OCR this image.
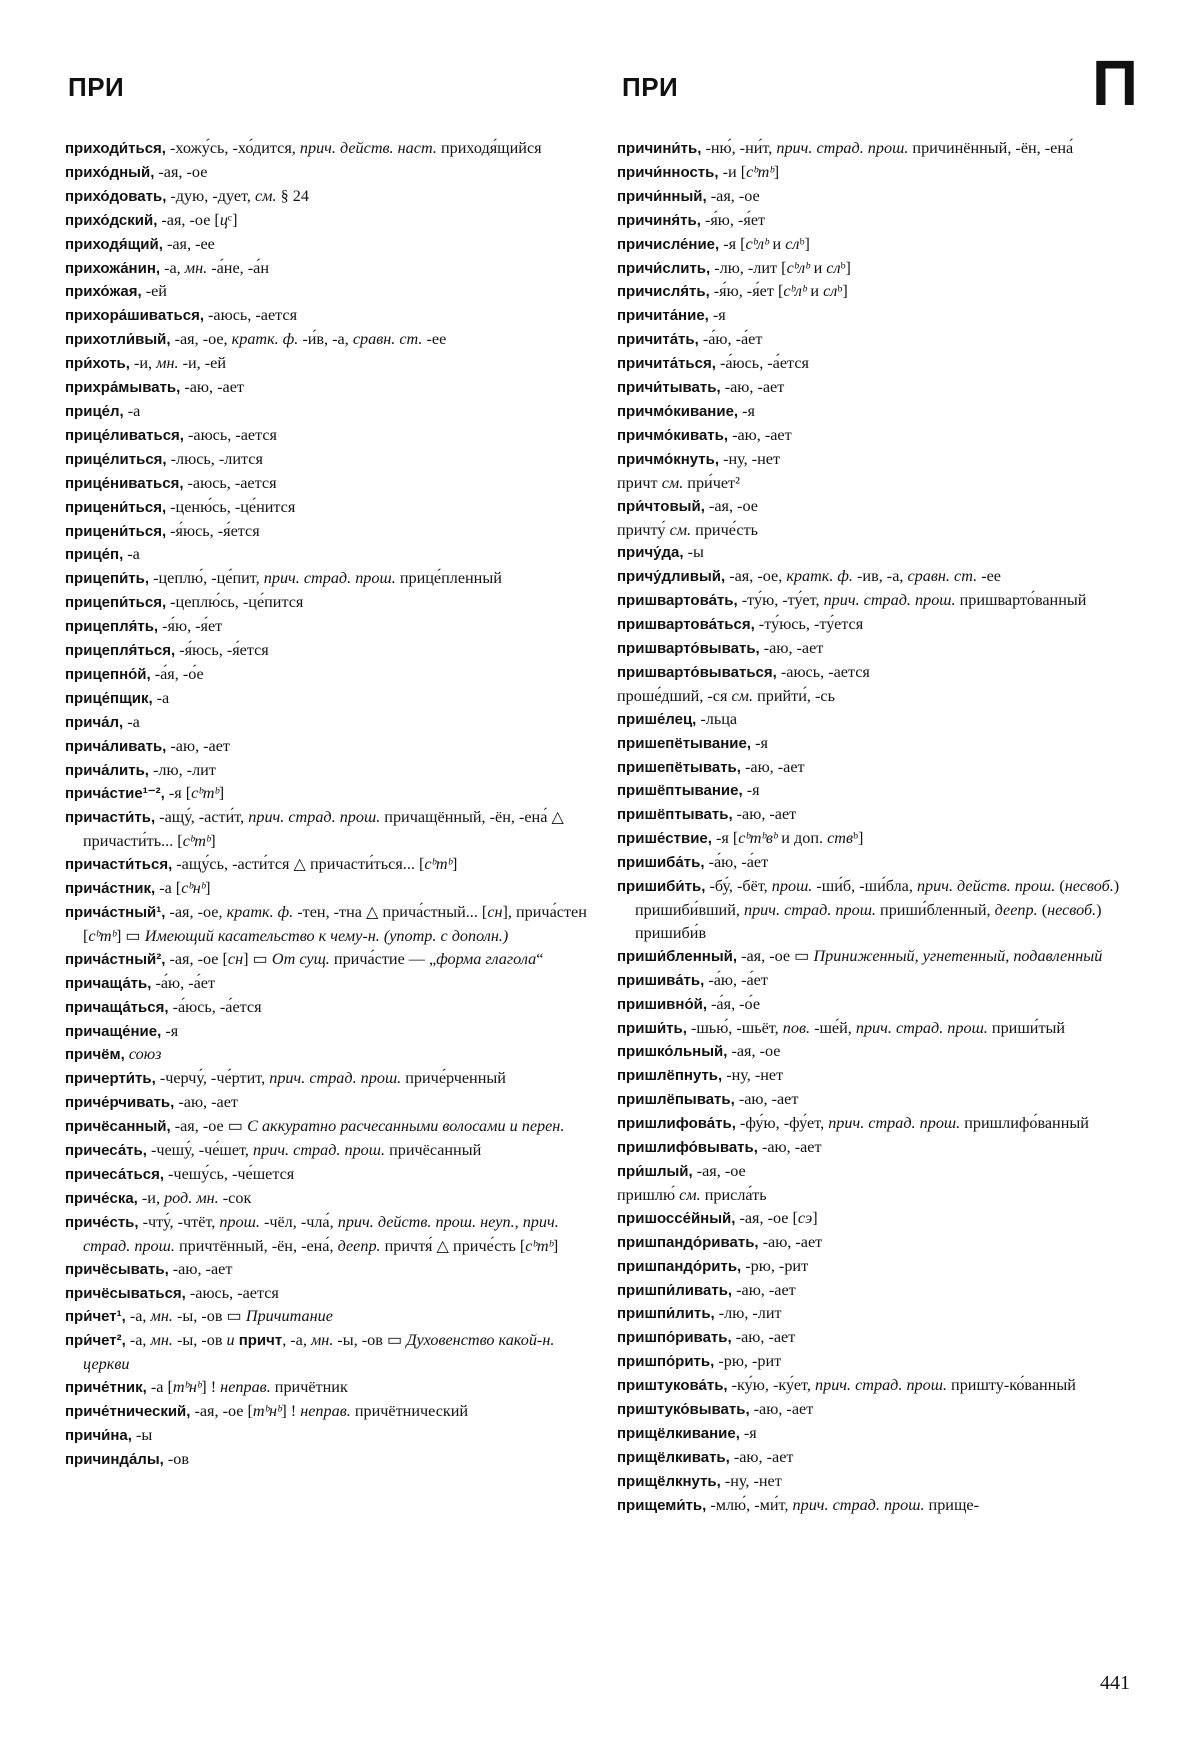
ПРИ	ПРИ	П

приходи́ться, -хожу́сь, -хо́дится, прич. действ. наст. приходя́щийся

прихо́дный, -ая, -ое

прихо́довать, -дую, -дует, см. § 24

прихо́дский, -ая, -ое [цᶜ]

приходя́щий, -ая, -ее

прихожа́нин, -а, мн. -а́не, -а́н

прихо́жая, -ей

прихора́шиваться, -аюсь, -ается

прихотли́вый, -ая, -ое, кратк. ф. -и́в, -а, сравн. ст. -ее

при́хоть, -и, мн. -и, -ей

прихра́мывать, -аю, -ает

прице́л, -а

прице́ливаться, -аюсь, -ается

прице́литься, -люсь, -лится

прице́ниваться, -аюсь, -ается

прицени́ться, -ценю́сь, -це́нится

прицени́ться, -я́юсь, -я́ется

прице́п, -а

прицепи́ть, -цеплю́, -це́пит, прич. страд. прош. прице́пленный

прицепи́ться, -цеплю́сь, -це́пится

прицепля́ть, -я́ю, -я́ет

прицепля́ться, -я́юсь, -я́ется

прицепно́й, -а́я, -о́е

прице́пщик, -а

прича́л, -а

прича́ливать, -аю, -ает

прича́лить, -лю, -лит

прича́стие¹⁻², -я [cᵇmᵇ]

причасти́ть, -ащу́, -асти́т, прич. страд. прош. причащённый, -ён, -ена́ △ причасти́ть... [cᵇmᵇ]

причасти́ться, -ащу́сь, -асти́тся △ причасти́ться... [cᵇmᵇ]

прича́стник, -а [cᵇнᵇ]

прича́стный¹, -ая, -ое, кратк. ф. -тен, -тна △ прича́стный... [сн], прича́стен [cᵇmᵇ] ▭ Имеющий касательство к чему-н. (употр. с дополн.)

прича́стный², -ая, -ое [сн] ▭ От сущ. прича́стие — „форма глагола“

причаща́ть, -а́ю, -а́ет

причаща́ться, -а́юсь, -а́ется

причаще́ние, -я

причём, союз

причерти́ть, -черчу́, -че́ртит, прич. страд. прош. приче́рченный

приче́рчивать, -аю, -ает

причёсанный, -ая, -ое ▭ С аккуратно расчесанными волосами и перен.

причеса́ть, -чешу́, -че́шет, прич. страд. прош. причёсанный

причеса́ться, -чешу́сь, -че́шется

приче́ска, -и, род. мн. -сок

приче́сть, -чту́, -чтёт, прош. -чёл, -чла́, прич. действ. прош. неуп., прич. страд. прош. причтённый, -ён, -ена́, деепр. причтя́ △ приче́сть [cᵇmᵇ]

причёсывать, -аю, -ает

причёсываться, -аюсь, -ается

при́чет¹, -а, мн. -ы, -ов ▭ Причитание

при́чет², -а, мн. -ы, -ов и причт, -а, мн. -ы, -ов ▭ Духовенство какой-н. церкви

приче́тник, -а [mᵇнᵇ] ! неправ. причётник

приче́тнический, -ая, -ое [mᵇнᵇ] ! неправ. причётнический

причи́на, -ы

причинда́лы, -ов

причини́ть, -ню́, -ни́т, прич. страд. прош. причинённый, -ён, -ена́

причи́нность, -и [cᵇmᵇ]

причи́нный, -ая, -ое

причиня́ть, -я́ю, -я́ет

причисле́ние, -я [cᵇлᵇ и слᵇ]

причи́слить, -лю, -лит [cᵇлᵇ и слᵇ]

причисля́ть, -я́ю, -я́ет [cᵇлᵇ и слᵇ]

причита́ние, -я

причита́ть, -а́ю, -а́ет

причита́ться, -а́юсь, -а́ется

причи́тывать, -аю, -ает

причмо́кивание, -я

причмо́кивать, -аю, -ает

причмо́кнуть, -ну, -нет

причт см. при́чет²

при́чтовый, -ая, -ое

причту́ см. приче́сть

причу́да, -ы

причу́дливый, -ая, -ое, кратк. ф. -ив, -а, сравн. ст. -ее

пришвартова́ть, -ту́ю, -ту́ет, прич. страд. прош. пришварто́ванный

пришвартова́ться, -ту́юсь, -ту́ется

пришварто́вывать, -аю, -ает

пришварто́вываться, -аюсь, -ается

проше́дший, -ся см. прийти́, -сь

прише́лец, -льца

пришепётывание, -я

пришепётывать, -аю, -ает

пришёптывание, -я

пришёптывать, -аю, -ает

прише́ствие, -я [cᵇmᵇвᵇ и доп. ствᵇ]

пришиба́ть, -а́ю, -а́ет

пришиби́ть, -бу́, -бёт, прош. -ши́б, -ши́бла, прич. действ. прош. (несвоб.) пришиби́вший, прич. страд. прош. приши́бленный, деепр. (несвоб.) пришиби́в

приши́бленный, -ая, -ое ▭ Приниженный, угнетенный, подавленный

пришива́ть, -а́ю, -а́ет

пришивно́й, -а́я, -о́е

приши́ть, -шью́, -шьёт, пов. -ше́й, прич. страд. прош. приши́тый

пришко́льный, -ая, -ое

пришлёпнуть, -ну, -нет

пришлёпывать, -аю, -ает

пришлифова́ть, -фу́ю, -фу́ет, прич. страд. прош. пришлифо́ванный

пришлифо́вывать, -аю, -ает

при́шлый, -ая, -ое

пришлю́ см. присла́ть

пришоссе́йный, -ая, -ое [сэ]

пришпандо́ривать, -аю, -ает

пришпандо́рить, -рю, -рит

пришпи́ливать, -аю, -ает

пришпи́лить, -лю, -лит

пришпо́ривать, -аю, -ает

пришпо́рить, -рю, -рит

приштукова́ть, -ку́ю, -ку́ет, прич. страд. прош. пришту-ко́ванный

приштуко́вывать, -аю, -ает

прищёлкивание, -я

прищёлкивать, -аю, -ает

прищёлкнуть, -ну, -нет

прищеми́ть, -млю́, -ми́т, прич. страд. прош. прище-

441
